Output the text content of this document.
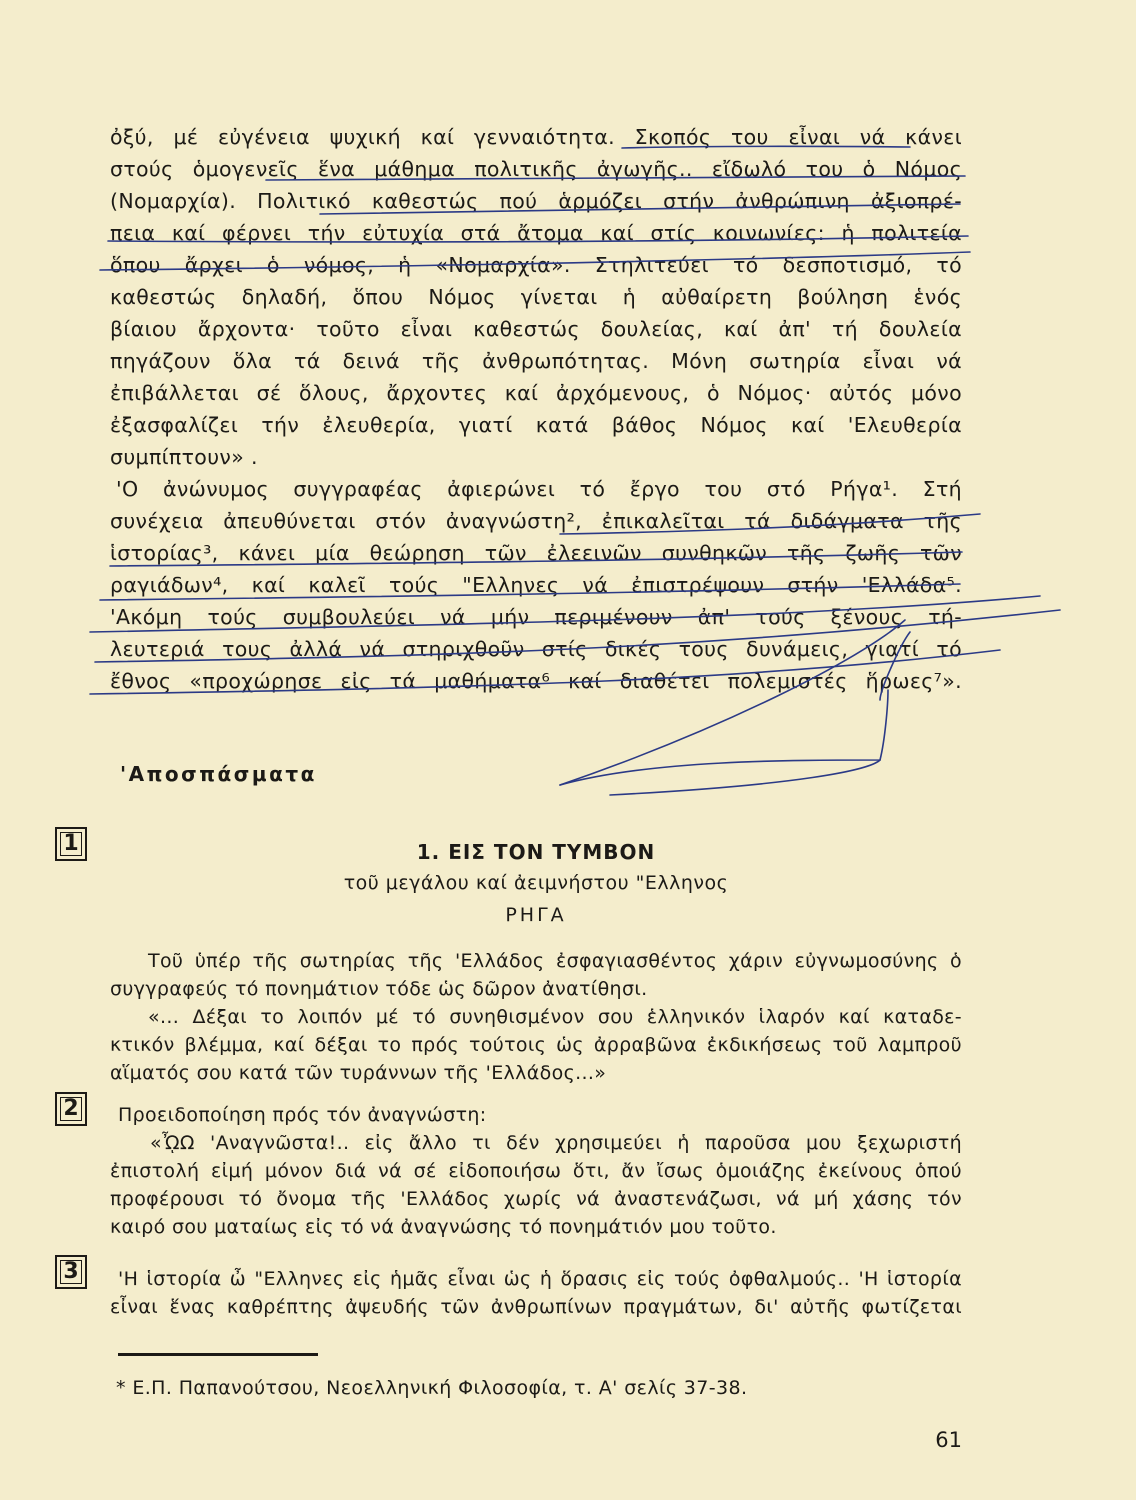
ὀξύ, μέ εὐγένεια ψυχική καί γενναιότητα. Σκοπός του εἶναι νά κάνει
στούς ὁμογενεῖς ἕνα μάθημα πολιτικῆς ἀγωγῆς.. εἴδωλό του ὁ Νόμος
(Νομαρχία). Πολιτικό καθεστώς πού ἁρμόζει στήν ἀνθρώπινη ἀξιοπρέ-
πεια καί φέρνει τήν εὐτυχία στά ἄτομα καί στίς κοινωνίες: ἡ πολιτεία
ὅπου ἄρχει ὁ νόμος, ἡ «Νομαρχία». Στηλιτεύει τό δεσποτισμό, τό
καθεστώς δηλαδή, ὅπου Νόμος γίνεται ἡ αὐθαίρετη βούληση ἑνός
βίαιου ἄρχοντα· τοῦτο εἶναι καθεστώς δουλείας, καί ἀπ' τή δουλεία
πηγάζουν ὅλα τά δεινά τῆς ἀνθρωπότητας. Μόνη σωτηρία εἶναι νά
ἐπιβάλλεται σέ ὅλους, ἄρχοντες καί ἀρχόμενους, ὁ Νόμος· αὐτός μόνο
ἐξασφαλίζει τήν ἐλευθερία, γιατί κατά βάθος Νόμος καί 'Ελευθερία
συμπίπτουν» .
'Ο ἀνώνυμος συγγραφέας ἀφιερώνει τό ἔργο του στό Ρήγα¹. Στή
συνέχεια ἀπευθύνεται στόν ἀναγνώστη², ἐπικαλεῖται τά διδάγματα τῆς
ἱστορίας³, κάνει μία θεώρηση τῶν ἐλεεινῶν συνθηκῶν τῆς ζωῆς τῶν
ραγιάδων⁴, καί καλεῖ τούς "Ελληνες νά ἐπιστρέψουν στήν 'Ελλάδα⁵.
'Ακόμη τούς συμβουλεύει νά μήν περιμένουν ἀπ' τούς ξένους τή-
λευτεριά τους ἀλλά νά στηριχθοῦν στίς δικές τους δυνάμεις, γιατί τό
ἔθνος «προχώρησε εἰς τά μαθήματα⁶ καί διαθέτει πολεμιστές ἥρωες⁷».
'Αποσπάσματα
1
2
3
1. ΕΙΣ ΤΟΝ ΤΥΜΒΟΝ
τοῦ μεγάλου καί ἀειμνήστου "Ελληνος
ΡΗΓΑ
Τοῦ ὑπέρ τῆς σωτηρίας τῆς 'Ελλάδος ἐσφαγιασθέντος χάριν εὐγνωμοσύνης ὁ
συγγραφεύς τό πονημάτιον τόδε ὡς δῶρον ἀνατίθησι.
«... Δέξαι το λοιπόν μέ τό συνηθισμένον σου ἑλληνικόν ἱλαρόν καί καταδε-
κτικόν βλέμμα, καί δέξαι το πρός τούτοις ὡς ἀρραβῶνα ἐκδικήσεως τοῦ λαμπροῦ
αἵματός σου κατά τῶν τυράννων τῆς 'Ελλάδος...»
Προειδοποίηση πρός τόν ἀναγνώστη:
«ᾮΩ 'Αναγνῶστα!.. εἰς ἄλλο τι δέν χρησιμεύει ἡ παροῦσα μου ξεχωριστή
ἐπιστολή εἰμή μόνον διά νά σέ εἰδοποιήσω ὅτι, ἄν ἴσως ὁμοιάζης ἐκείνους ὁπού
προφέρουσι τό ὄνομα τῆς 'Ελλάδος χωρίς νά ἀναστενάζωσι, νά μή χάσης τόν
καιρό σου ματαίως εἰς τό νά ἀναγνώσης τό πονημάτιόν μου τοῦτο.
'Η ἱστορία ὦ "Ελληνες εἰς ἡμᾶς εἶναι ὡς ἡ ὅρασις εἰς τούς ὀφθαλμούς.. 'Η ἱστορία
εἶναι ἕνας καθρέπτης ἀψευδής τῶν ἀνθρωπίνων πραγμάτων, δι' αὐτῆς φωτίζεται
* Ε.Π. Παπανούτσου, Νεοελληνική Φιλοσοφία, τ. Α' σελίς 37-38.
61
